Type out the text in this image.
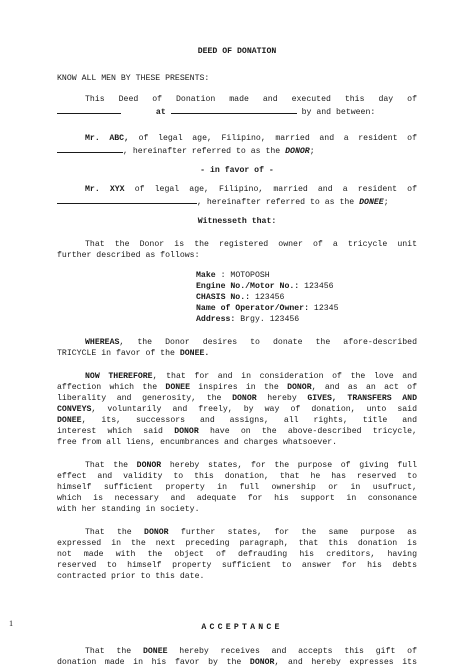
DEED OF DONATION
KNOW ALL MEN BY THESE PRESENTS:
This Deed of Donation made and executed this day of
at	by and between:
Mr. ABC, of legal age, Filipino, married and a resident of
, hereinafter referred to as the DONOR;
- in favor of -
Mr. XYX of legal age, Filipino, married and a resident of
, hereinafter referred to as the DONEE;
Witnesseth that:
That the Donor is the registered owner of a tricycle unit
further described as follows:
Make : MOTOPOSH
Engine No./Motor No.: 123456
CHASIS No.: 123456
Name of Operator/Owner: 12345
Address: Brgy. 123456
WHEREAS, the Donor desires to donate the afore-described
TRICYCLE in favor of the DONEE.
NOW THEREFORE, that for and in consideration of the love and
affection which the DONEE inspires in the DONOR, and as an act of
liberality and generosity, the DONOR hereby GIVES, TRANSFERS AND
CONVEYS, voluntarily and freely, by way of donation, unto said
DONEE, its, successors and assigns, all rights, title and
interest which said DONOR have on the above-described tricycle,
free from all liens, encumbrances and charges whatsoever.
That the DONOR hereby states, for the purpose of giving full
effect and validity to this donation, that he has reserved to
himself sufficient property in full ownership or in usufruct,
which is necessary and adequate for his support in consonance
with her standing in society.
That the DONOR further states, for the same purpose as
expressed in the next preceding paragraph, that this donation is
not made with the object of defrauding his creditors, having
reserved to himself property sufficient to answer for his debts
contracted prior to this date.
ACCEPTANCE
That the DONEE hereby receives and accepts this gift of
donation made in his favor by the DONOR, and hereby expresses its
1
